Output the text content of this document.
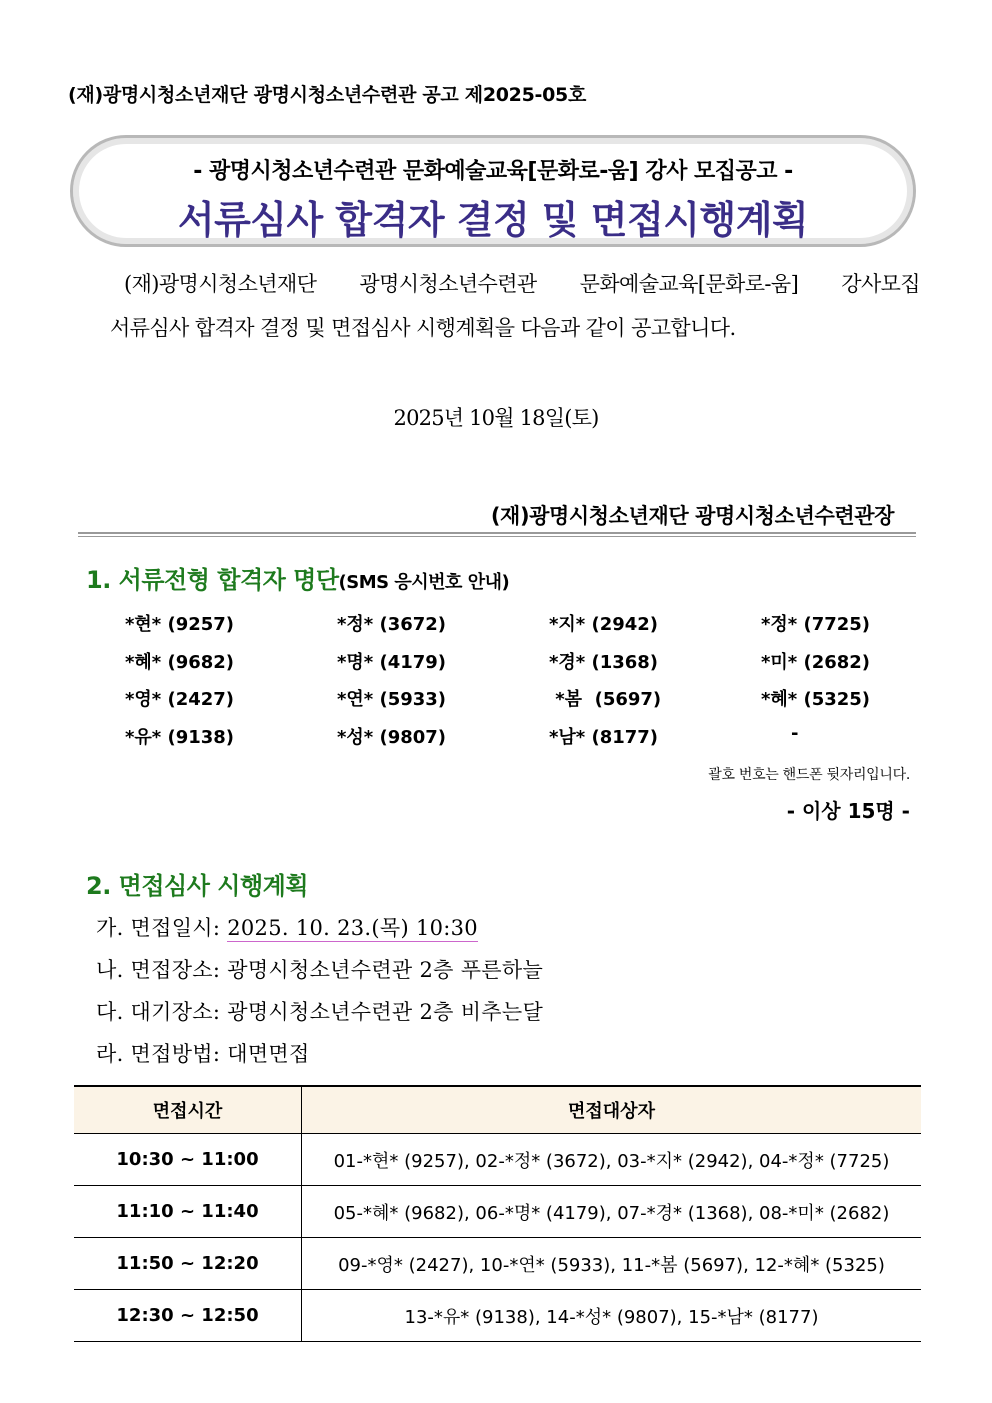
(재)광명시청소년재단 광명시청소년수련관 공고 제2025-05호
- 광명시청소년수련관 문화예술교육[문화로-움] 강사 모집공고 -
서류심사 합격자 결정 및 면접시행계획

(재)광명시청소년재단 광명시청소년수련관 문화예술교육[문화로-움] 강사모집

서류심사 합격자 결정 및 면접심사 시행계획을 다음과 같이 공고합니다.

2025년 10월 18일(토)
(재)광명시청소년재단 광명시청소년수련관장
1. 서류전형 합격자 명단(SMS 응시번호 안내)
*현* (9257)	*정* (3672)	*지* (2942)	*정* (7725)
*혜* (9682)	*명* (4179)	*경* (1368)	*미* (2682)
*영* (2427)	*연* (5933)	*봄  (5697)	*혜* (5325)
*유* (9138)	*성* (9807)	*남* (8177)	-
괄호 번호는 핸드폰 뒷자리입니다.
- 이상 15명 -
2. 면접심사 시행계획
가. 면접일시: 2025. 10. 23.(목) 10:30
나. 면접장소: 광명시청소년수련관 2층 푸른하늘
다. 대기장소: 광명시청소년수련관 2층 비추는달
라. 면접방법: 대면면접
면접시간	면접대상자
10:30 ~ 11:00	01-*현* (9257), 02-*정* (3672), 03-*지* (2942), 04-*정* (7725)
11:10 ~ 11:40	05-*혜* (9682), 06-*명* (4179), 07-*경* (1368), 08-*미* (2682)
11:50 ~ 12:20	09-*영* (2427), 10-*연* (5933), 11-*봄 (5697), 12-*혜* (5325)
12:30 ~ 12:50	13-*유* (9138), 14-*성* (9807), 15-*남* (8177)
